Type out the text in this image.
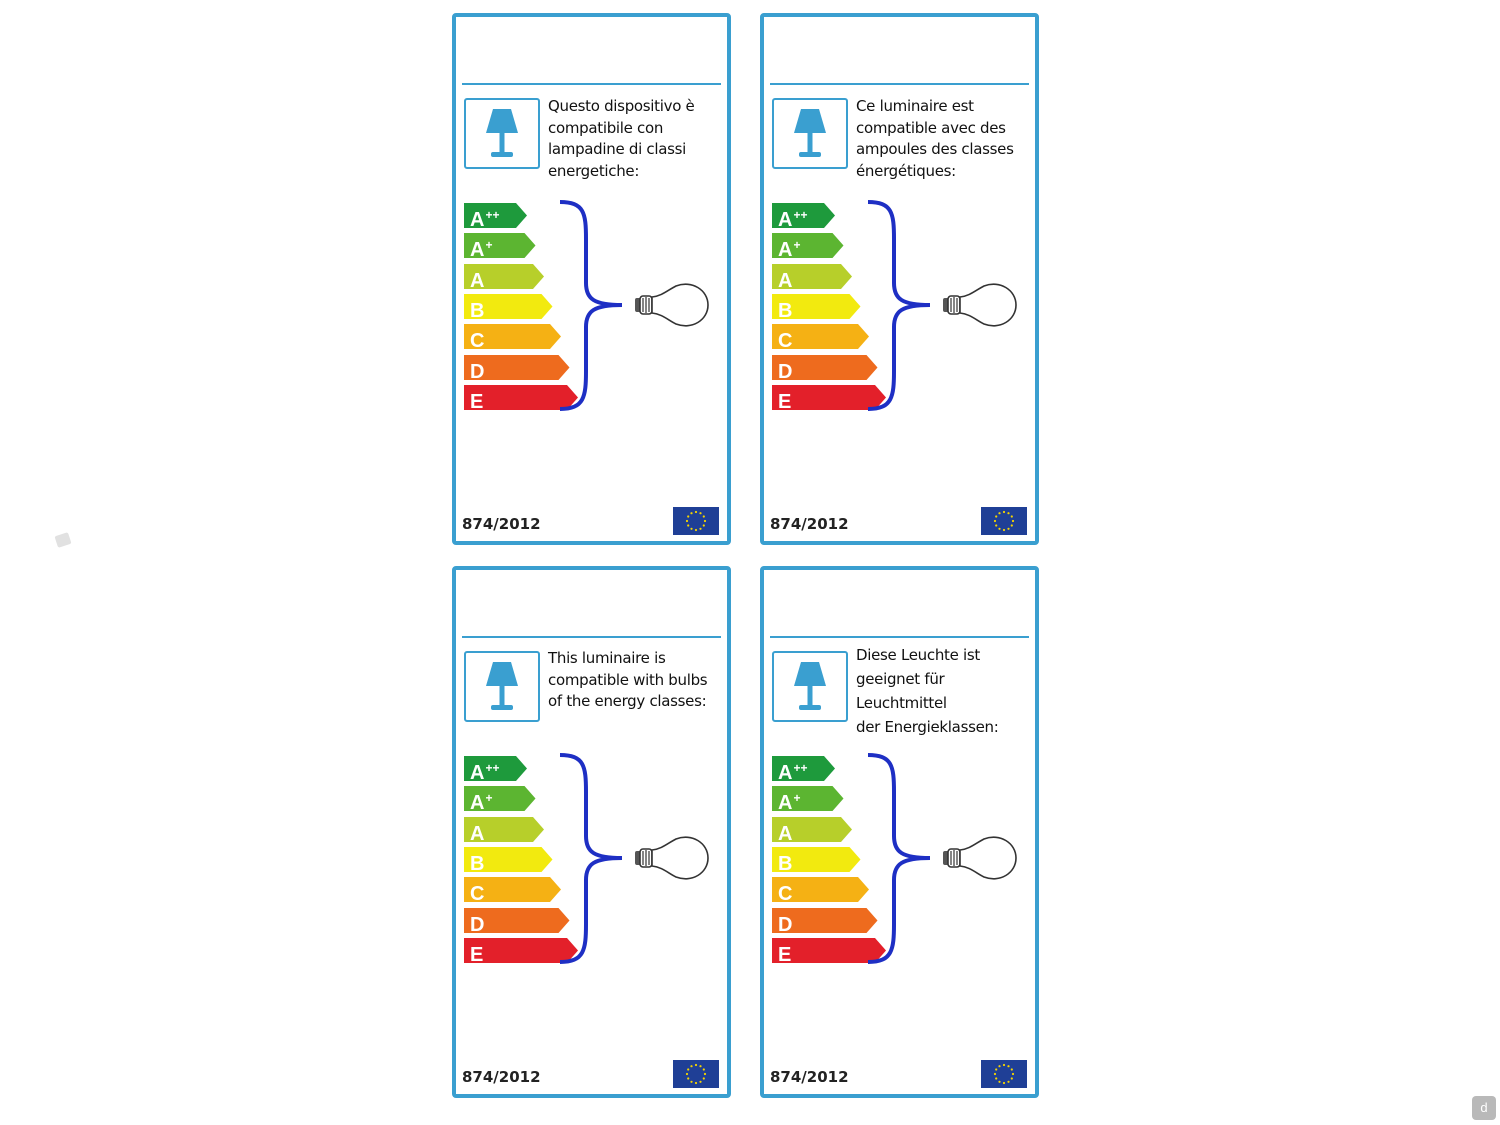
d
Questo dispositivo è
compatibile con
lampadine di classi
energetiche:
A++
A+
A
B
C
D
E
874/2012
Ce luminaire est
compatible avec des
ampoules des classes
énergétiques:
A++
A+
A
B
C
D
E
874/2012
This luminaire is
compatible with bulbs
of the energy classes:
A++
A+
A
B
C
D
E
874/2012
Diese Leuchte ist
geeignet für Leuchtmittel
der Energieklassen:
A++
A+
A
B
C
D
E
874/2012
